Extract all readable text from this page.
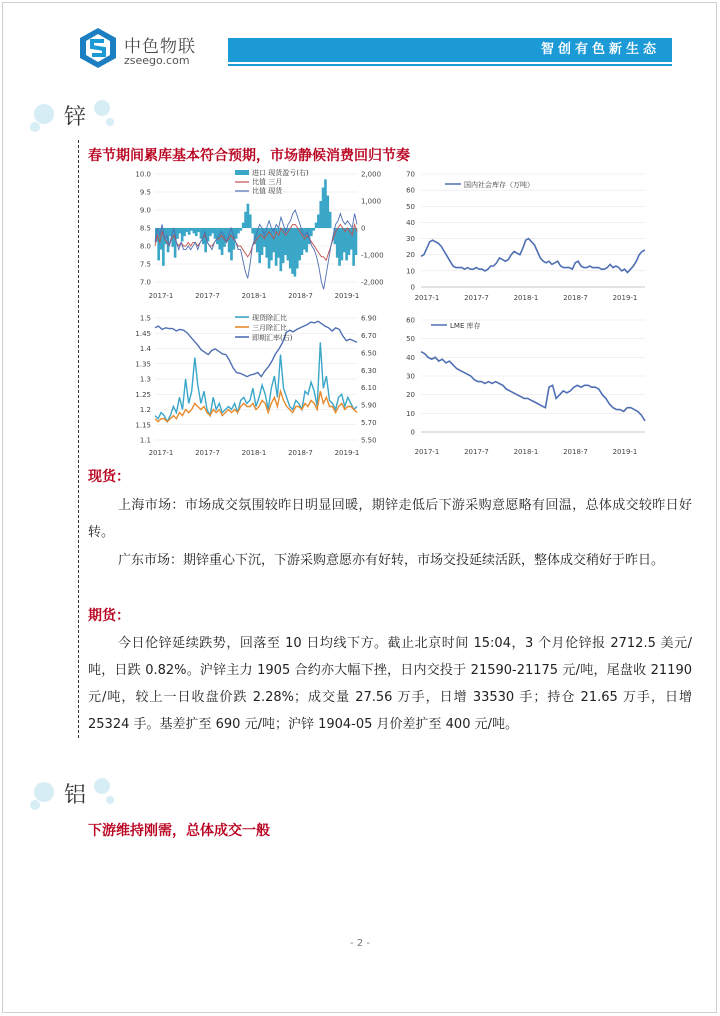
中色物联
zseego.com
智创有色新生态
锌
春节期间累库基本符合预期，市场静候消费回归节奏
7.0
7.5
8.0
8.5
9.0
9.5
10.0
-2,000
-1,000
0
1,000
2,000
2017-1	2017-7	2018-1	2018-7	2019-1
进口 现货盈亏(右)
比值 三月
比值 现货
0
10
20
30
40
50
60
70
2017-1	2017-7	2018-1	2018-7	2019-1
国内社会库存（万吨）
1.1
1.15
1.2
1.25
1.3
1.35
1.4
1.45
1.5
5.50
5.70
5.90
6.10
6.30
6.50
6.70
6.90
2017-1	2017-7	2018-1	2018-7	2019-1
现货除汇比
三月除汇比
即期汇率(右)
0
10
20
30
40
50
60
2017-1	2017-7	2018-1	2018-7	2019-1
LME 库存
现货：
上海市场：市场成交氛围较昨日明显回暖，期锌走低后下游采购意愿略有回温，总体成交较昨日好转。
广东市场：期锌重心下沉，下游采购意愿亦有好转，市场交投延续活跃，整体成交稍好于昨日。
期货：
今日伦锌延续跌势，回落至 10 日均线下方。截止北京时间 15:04，3 个月伦锌报 2712.5 美元/吨，日跌 0.82%。沪锌主力 1905 合约亦大幅下挫，日内交投于 21590-21175 元/吨，尾盘收 21190 元/吨，较上一日收盘价跌 2.28%；成交量 27.56 万手，日增 33530 手；持仓 21.65 万手，日增 25324 手。基差扩至 690 元/吨；沪锌 1904-05 月价差扩至 400 元/吨。
铝
下游维持刚需，总体成交一般
- 2 -
